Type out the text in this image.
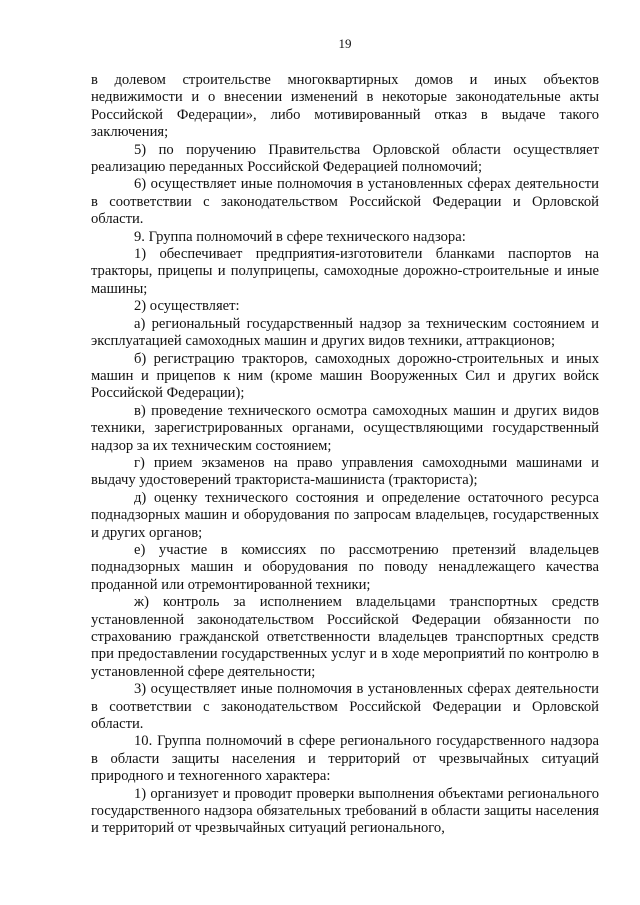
19

в долевом строительстве многоквартирных домов и иных объектов недвижимости и о внесении изменений в некоторые законодательные акты Российской Федерации», либо мотивированный отказ в выдаче такого заключения;

5) по поручению Правительства Орловской области осуществляет реализацию переданных Российской Федерацией полномочий;

6) осуществляет иные полномочия в установленных сферах деятельности в соответствии с законодательством Российской Федерации и Орловской области.

9. Группа полномочий в сфере технического надзора:

1) обеспечивает предприятия-изготовители бланками паспортов на тракторы, прицепы и полуприцепы, самоходные дорожно-строительные и иные машины;

2) осуществляет:

а) региональный государственный надзор за техническим состоянием и эксплуатацией самоходных машин и других видов техники, аттракционов;

б) регистрацию тракторов, самоходных дорожно-строительных и иных машин и прицепов к ним (кроме машин Вооруженных Сил и других войск Российской Федерации);

в) проведение технического осмотра самоходных машин и других видов техники, зарегистрированных органами, осуществляющими государственный надзор за их техническим состоянием;

г) прием экзаменов на право управления самоходными машинами и выдачу удостоверений тракториста-машиниста (тракториста);

д) оценку технического состояния и определение остаточного ресурса поднадзорных машин и оборудования по запросам владельцев, государственных и других органов;

е) участие в комиссиях по рассмотрению претензий владельцев поднадзорных машин и оборудования по поводу ненадлежащего качества проданной или отремонтированной техники;

ж) контроль за исполнением владельцами транспортных средств установленной законодательством Российской Федерации обязанности по страхованию гражданской ответственности владельцев транспортных средств при предоставлении государственных услуг и в ходе мероприятий по контролю в установленной сфере деятельности;

3) осуществляет иные полномочия в установленных сферах деятельности в соответствии с законодательством Российской Федерации и Орловской области.

10. Группа полномочий в сфере регионального государственного надзора в области защиты населения и территорий от чрезвычайных ситуаций природного и техногенного характера:

1) организует и проводит проверки выполнения объектами регионального государственного надзора обязательных требований в области защиты населения и территорий от чрезвычайных ситуаций регионального,
